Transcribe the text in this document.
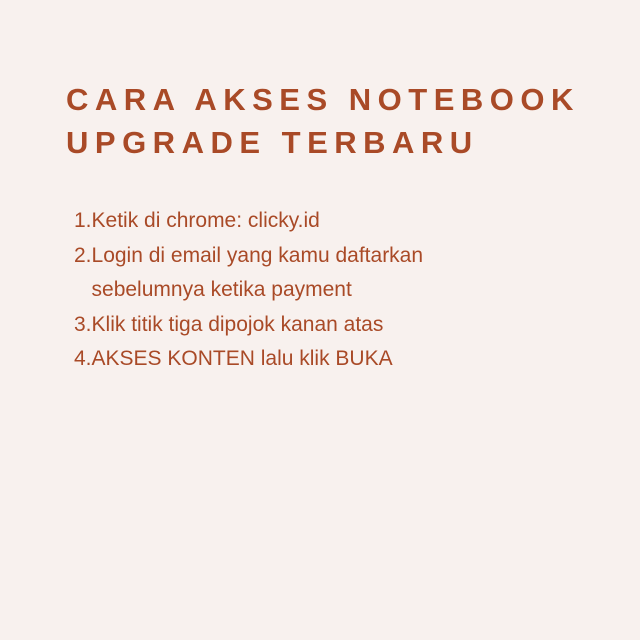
CARA AKSES NOTEBOOK
UPGRADE TERBARU
1. Ketik di chrome: clicky.id
2. Login di email yang kamu daftarkan
sebelumnya ketika payment
3. Klik titik tiga dipojok kanan atas
4. AKSES KONTEN lalu klik BUKA
